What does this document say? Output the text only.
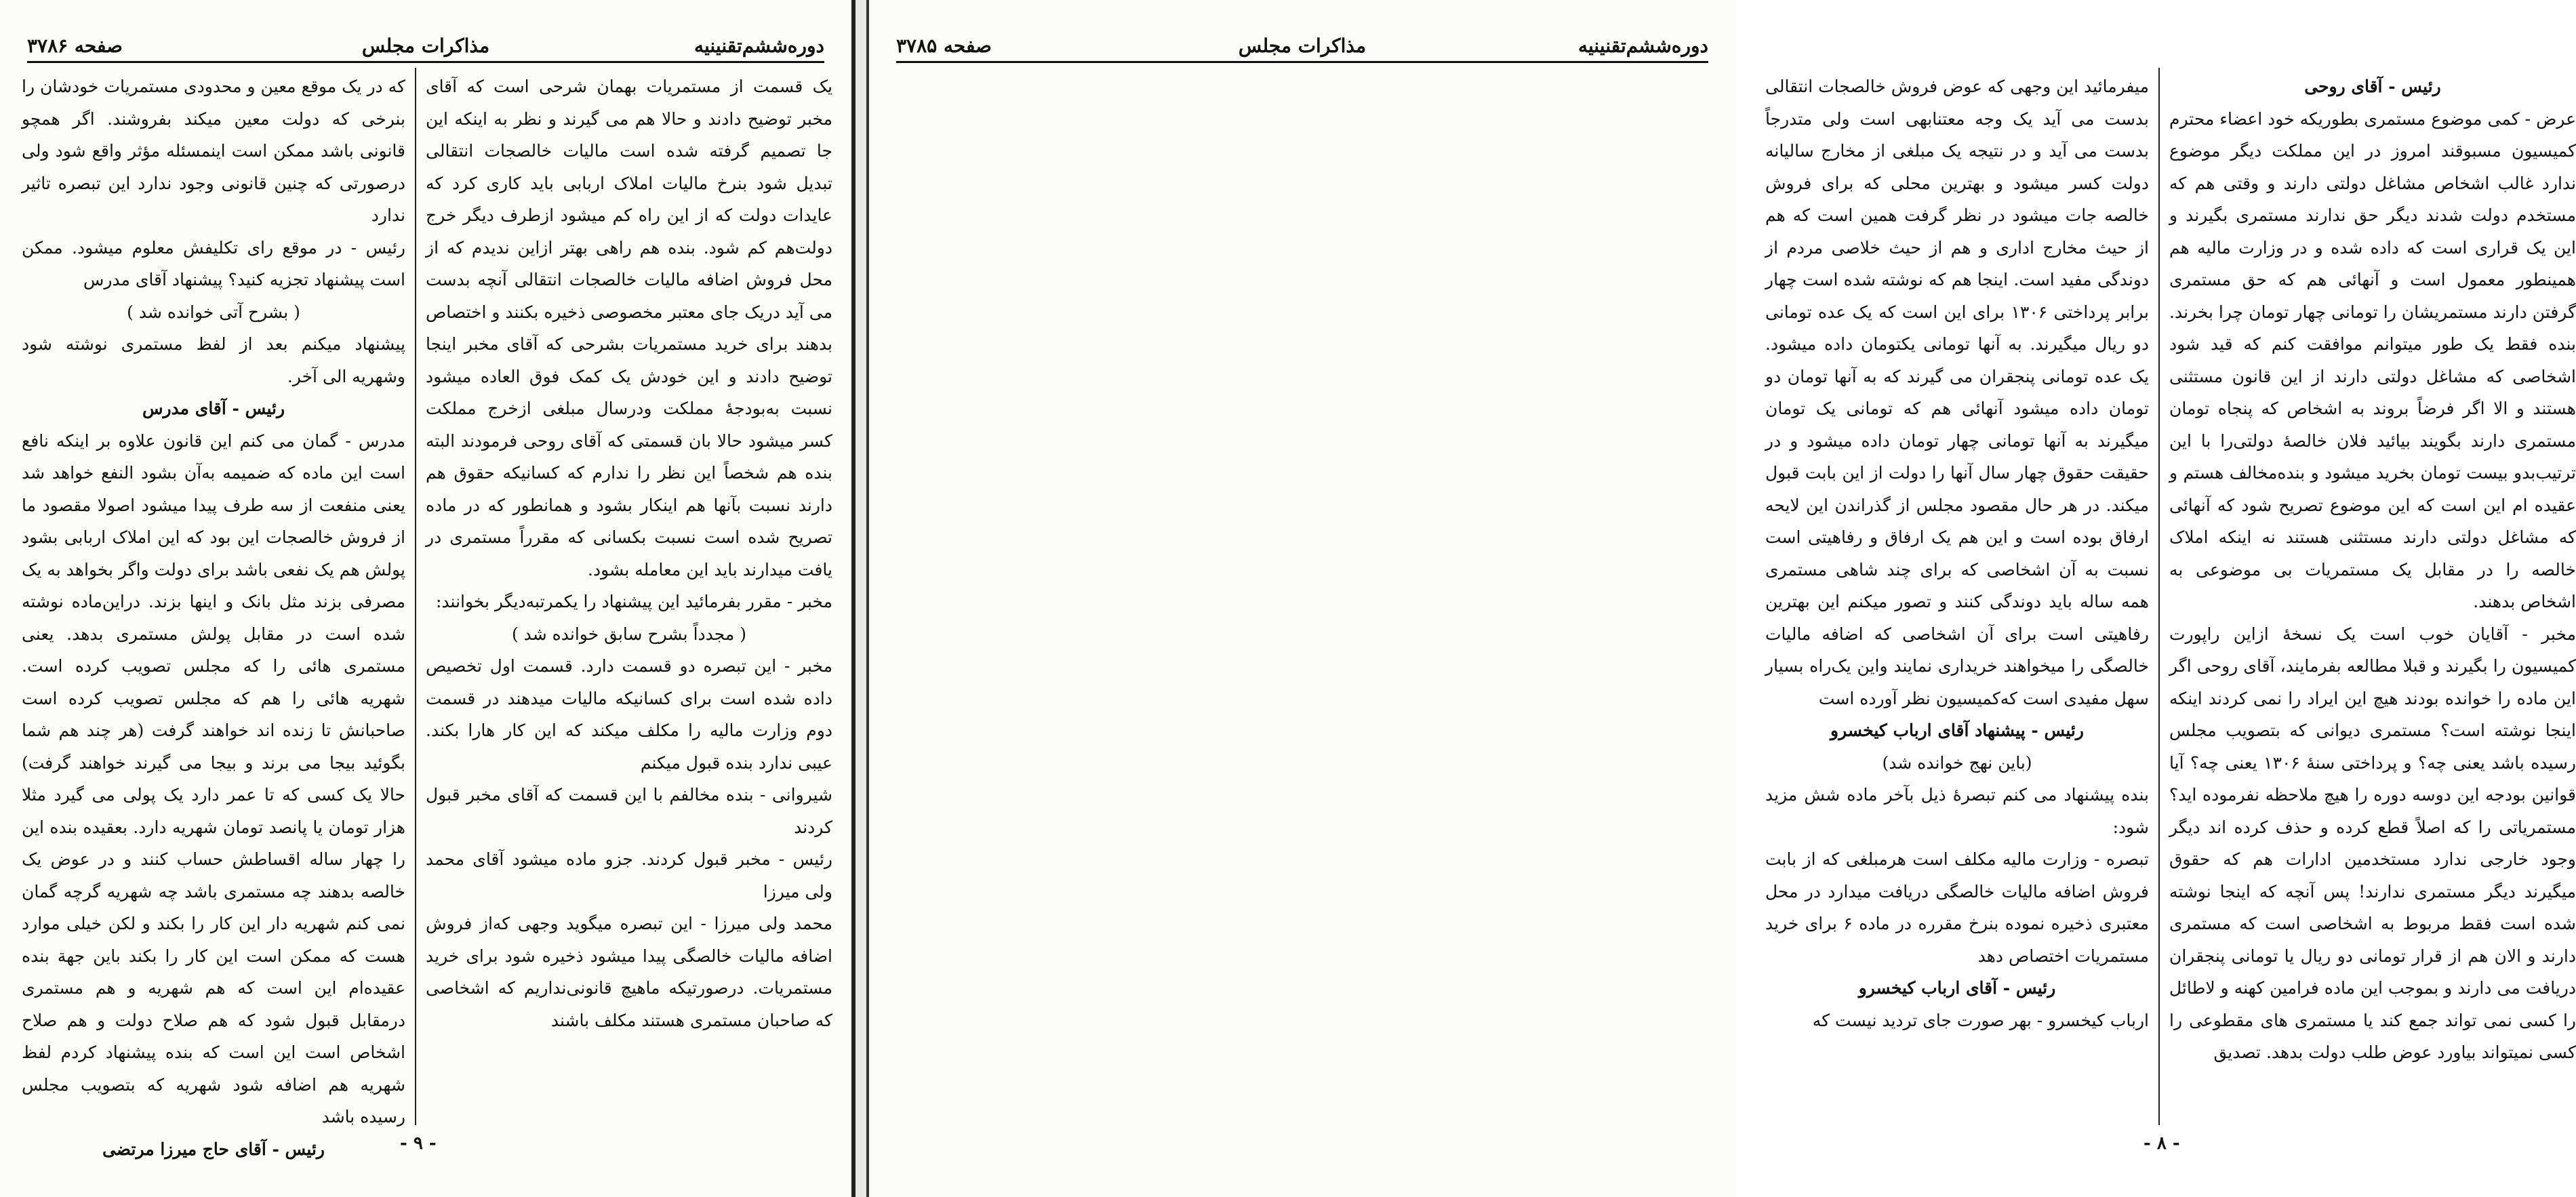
دوره‌ششم‌تقنینیه
مذاکرات مجلس
صفحه ۳۷۸۶

یک قسمت از مستمریات بهمان شرحی است که آقای مخبر توضیح دادند و حالا هم می گیرند و نظر به اینکه این جا تصمیم گرفته شده است مالیات خالصجات انتقالی تبدیل شود بنرخ مالیات املاک اربابی باید کاری کرد که عایدات دولت که از این راه کم میشود ازطرف دیگر خرج دولت‌هم کم شود. بنده هم راهی بهتر ازاین ندیدم که از محل فروش اضافه مالیات خالصجات انتقالی آنچه بدست می آید دریک جای معتبر مخصوصی ذخیره بکنند و اختصاص بدهند برای خرید مستمریات بشرحی که آقای مخبر اینجا توضیح دادند و این خودش یک کمک فوق العاده میشود نسبت به‌بودجهٔ مملکت ودرسال مبلغی ازخرج مملکت کسر میشود حالا بان قسمتی که آقای روحی فرمودند البته بنده هم شخصاً این نظر را ندارم که کسانیکه حقوق هم دارند نسبت بآنها هم اینکار بشود و همانطور که در ماده تصریح شده است نسبت بکسانی که مقرراً مستمری در یافت میدارند باید این معامله بشود.

مخبر - مقرر بفرمائید این پیشنهاد را یکمرتبه‌دیگر بخوانند:

( مجدداً بشرح سابق خوانده شد )

مخبر - این تبصره دو قسمت دارد. قسمت اول تخصیص داده شده است برای کسانیکه مالیات میدهند در قسمت دوم وزارت مالیه را مکلف میکند که این کار هارا بکند. عیبی ندارد بنده قبول میکنم

شیروانی - بنده مخالفم با این قسمت که آقای مخبر قبول کردند

رئیس - مخبر قبول کردند. جزو ماده میشود آقای محمد ولی میرزا

محمد ولی میرزا - این تبصره میگوید وجهی که‌از فروش اضافه مالیات خالصگی پیدا میشود ذخیره شود برای خرید مستمریات. درصورتیکه ماهیچ قانونی‌نداریم که اشخاصی که صاحبان مستمری هستند مکلف باشند

که در یک موقع معین و محدودی مستمریات خودشان را بنرخی که دولت معین میکند بفروشند. اگر همچو قانونی باشد ممکن است اینمسئله مؤثر واقع شود ولی درصورتی که چنین قانونی وجود ندارد این تبصره تاثیر ندارد

رئیس - در موقع رای تکلیفش معلوم میشود. ممکن است پیشنهاد تجزیه کنید؟ پیشنهاد آقای مدرس

( بشرح آتی خوانده شد )

پیشنهاد میکنم بعد از لفظ مستمری نوشته شود وشهریه الی آخر.

رئیس - آقای مدرس

مدرس - گمان می کنم این قانون علاوه بر اینکه نافع است این ماده که ضمیمه به‌آن بشود النفع خواهد شد یعنی منفعت از سه طرف پیدا میشود اصولا مقصود ما از فروش خالصجات این بود که این املاک اربابی بشود پولش هم یک نفعی باشد برای دولت واگر بخواهد به یک مصرفی بزند مثل بانک و اینها بزند. دراین‌ماده نوشته شده است در مقابل پولش مستمری بدهد. یعنی مستمری هائی را که مجلس تصویب کرده است. شهریه هائی را هم که مجلس تصویب کرده است صاحبانش تا زنده اند خواهند گرفت (هر چند هم شما بگوئید بیجا می برند و بیجا می گیرند خواهند گرفت) حالا یک کسی که تا عمر دارد یک پولی می گیرد مثلا هزار تومان یا پانصد تومان شهریه دارد. بعقیده بنده این را چهار ساله اقساطش حساب کنند و در عوض یک خالصه بدهند چه مستمری باشد چه شهریه گرچه گمان نمی کنم شهریه دار این کار را بکند و لکن خیلی موارد هست که ممکن است این کار را بکند باین جهة بنده عقیده‌ام این است که هم شهریه و هم مستمری درمقابل قبول شود که هم صلاح دولت و هم صلاح اشخاص است این است که بنده پیشنهاد کردم لفظ شهریه هم اضافه شود شهریه که بتصویب مجلس رسیده باشد

رئیس - آقای حاج میرزا مرتضی	- ۹ -
دوره‌ششم‌تقنینیه
مذاکرات مجلس
صفحه ۳۷۸۵

رئیس - آقای روحی

عرض - کمی موضوع مستمری بطوریکه خود اعضاء محترم کمیسیون مسبوقند امروز در این مملکت دیگر موضوع ندارد غالب اشخاص مشاغل دولتی دارند و وقتی هم که مستخدم دولت شدند دیگر حق ندارند مستمری بگیرند و این یک قراری است که داده شده و در وزارت مالیه هم همینطور معمول است و آنهائی هم که حق مستمری گرفتن دارند مستمریشان را تومانی چهار تومان چرا بخرند. بنده فقط یک طور میتوانم موافقت کنم که قید شود اشخاصی که مشاغل دولتی دارند از این قانون مستثنی هستند و الا اگر فرضاً بروند به اشخاص که پنجاه تومان مستمری دارند بگویند بیائید فلان خالصهٔ دولتی‌را با این ترتیب‌بدو بیست تومان بخرید میشود و بنده‌مخالف هستم و عقیده ام این است که این موضوع تصریح شود که آنهائی که مشاغل دولتی دارند مستثنی هستند نه اینکه املاک خالصه را در مقابل یک مستمریات بی موضوعی به اشخاص بدهند.

مخبر - آقایان خوب است یک نسخهٔ ازاین راپورت کمیسیون را بگیرند و قبلا مطالعه بفرمایند، آقای روحی اگر این ماده را خوانده بودند هیچ این ایراد را نمی کردند اینکه اینجا نوشته است؟ مستمری دیوانی که بتصویب مجلس رسیده باشد یعنی چه؟ و پرداختی سنهٔ ۱۳۰۶ یعنی چه؟ آیا قوانین بودجه این دوسه دوره را هیچ ملاحظه نفرموده اید؟ مستمریاتی را که اصلاً قطع کرده و حذف کرده اند دیگر وجود خارجی ندارد مستخدمین ادارات هم که حقوق میگیرند دیگر مستمری ندارند! پس آنچه که اینجا نوشته شده است فقط مربوط به اشخاصی است که مستمری دارند و الان هم از قرار تومانی دو ریال یا تومانی پنجقران دریافت می دارند و بموجب این ماده فرامین کهنه و لاطائل را کسی نمی تواند جمع کند یا مستمری های مقطوعی را کسی نمیتواند بیاورد عوض طلب دولت بدهد. تصدیق

میفرمائید این وجهی که عوض فروش خالصجات انتقالی بدست می آید یک وجه معتنابهی است ولی متدرجاً بدست می آید و در نتیجه یک مبلغی از مخارج سالیانه دولت کسر میشود و بهترین محلی که برای فروش خالصه جات میشود در نظر گرفت همین است که هم از حیث مخارج اداری و هم از حیث خلاصی مردم از دوندگی مفید است. اینجا هم که نوشته شده است چهار برابر پرداختی ۱۳۰۶ برای این است که یک عده تومانی دو ریال میگیرند. به آنها تومانی یکتومان داده میشود. یک عده تومانی پنجقران می گیرند که به آنها تومان دو تومان داده میشود آنهائی هم که تومانی یک تومان میگیرند به آنها تومانی چهار تومان داده میشود و در حقیقت حقوق چهار سال آنها را دولت از این بابت قبول میکند. در هر حال مقصود مجلس از گذراندن این لایحه ارفاق بوده است و این هم یک ارفاق و رفاهیتی است نسبت به آن اشخاصی که برای چند شاهی مستمری همه ساله باید دوندگی کنند و تصور میکنم این بهترین رفاهیتی است برای آن اشخاصی که اضافه مالیات خالصگی را میخواهند خریداری نمایند واین یک‌راه بسیار سهل مفیدی است که‌کمیسیون نظر آورده است

رئیس - پیشنهاد آقای ارباب کیخسرو

(باین نهج خوانده شد)

بنده پیشنهاد می کنم تبصرهٔ ذیل بآخر ماده شش مزید شود:

تبصره - وزارت مالیه مکلف است هرمبلغی که از بابت فروش اضافه مالیات خالصگی دریافت میدارد در محل معتبری ذخیره نموده بنرخ مقرره در ماده ۶ برای خرید مستمریات اختصاص دهد

رئیس - آقای ارباب کیخسرو

ارباب کیخسرو - بهر صورت جای تردید نیست که

- ۸ -
